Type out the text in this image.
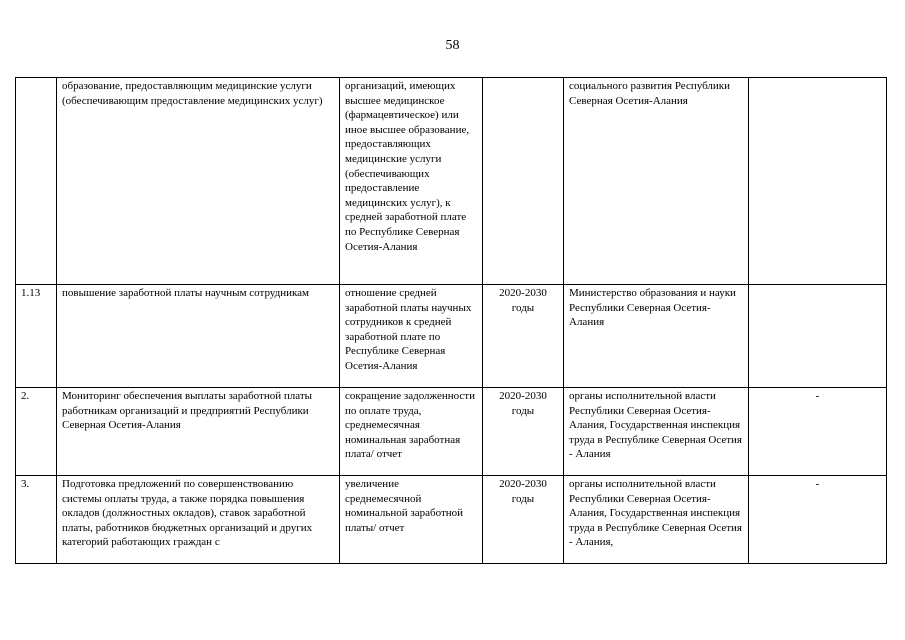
58
	образование, предоставляющим медицинские услуги (обеспечивающим предоставление медицинских услуг)	организаций, имеющих высшее медицинское (фармацевтическое) или иное высшее образование, предоставляющих медицинские услуги (обеспечивающих предоставление медицинских услуг), к средней заработной плате по Республике Северная Осетия-Алания		социального развития Республики Северная Осетия-Алания	
1.13	повышение заработной платы научным сотрудникам	отношение средней заработной платы научных сотрудников к средней заработной плате по Республике Северная Осетия-Алания	2020-2030 годы	Министерство образования и науки Республики Северная Осетия- Алания	
2.	Мониторинг обеспечения выплаты заработной платы работникам организаций и предприятий Республики Северная Осетия-Алания	сокращение задолженности по оплате труда, среднемесячная номинальная заработная плата/ отчет	2020-2030 годы	органы исполнительной власти Республики Северная Осетия-Алания, Государственная инспекция труда в Республике Северная Осетия - Алания	-
3.	Подготовка предложений по совершенствованию системы оплаты труда, а также порядка повышения окладов (должностных окладов), ставок заработной платы, работников бюджетных организаций и других категорий работающих граждан с	увеличение среднемесячной номинальной заработной платы/ отчет	2020-2030 годы	органы исполнительной власти Республики Северная Осетия-Алания, Государственная инспекция труда в Республике Северная Осетия - Алания,	-
